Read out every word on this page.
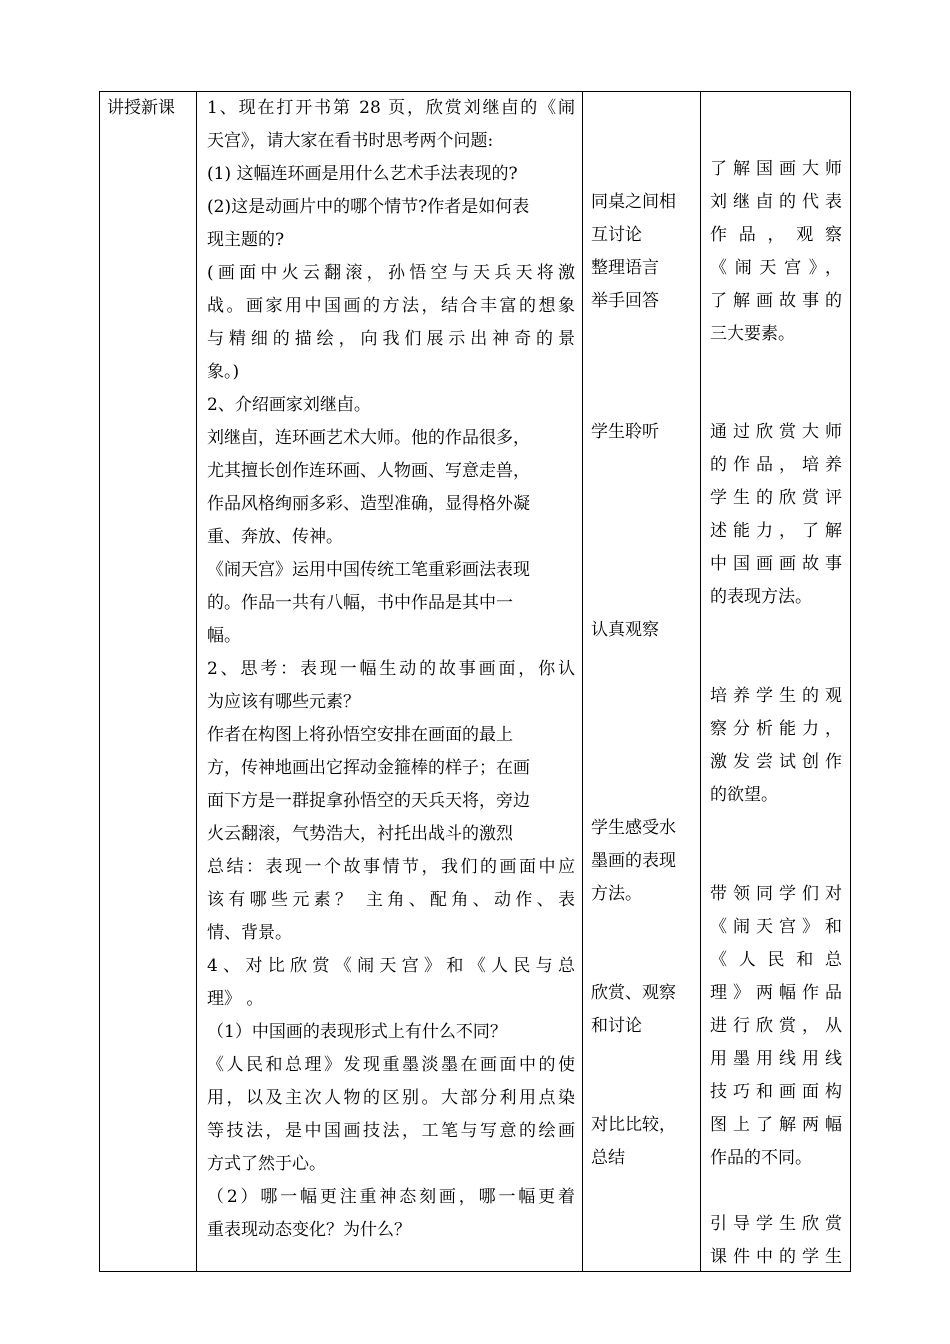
讲授新课	1、现在打开书第 28 页，欣赏刘继卣的《闹
天宫》，请大家在看书时思考两个问题:
(1) 这幅连环画是用什么艺术手法表现的?
(2)这是动画片中的哪个情节?作者是如何表
现主题的?
(画面中火云翻滚，孙悟空与天兵天将激
战。画家用中国画的方法，结合丰富的想象
与精细的描绘，向我们展示出神奇的景
象。)
2、介绍画家刘继卣。
刘继卣，连环画艺术大师。他的作品很多，
尤其擅长创作连环画、人物画、写意走兽，
作品风格绚丽多彩、造型准确，显得格外凝
重、奔放、传神。
《闹天宫》运用中国传统工笔重彩画法表现
的。作品一共有八幅，书中作品是其中一
幅。
2、思考：表现一幅生动的故事画面，你认
为应该有哪些元素？
作者在构图上将孙悟空安排在画面的最上
方，传神地画出它挥动金箍棒的样子；在画
面下方是一群捉拿孙悟空的天兵天将，旁边
火云翻滚，气势浩大，衬托出战斗的激烈
总结：表现一个故事情节，我们的画面中应
该有哪些元素？ 主角、配角、动作、表
情、背景。
4、对比欣赏《闹天宫》和《人民与总
理》 。
（1）中国画的表现形式上有什么不同？
《人民和总理》发现重墨淡墨在画面中的使
用，以及主次人物的区别。大部分利用点染
等技法，是中国画技法，工笔与写意的绘画
方式了然于心。
（2）哪一幅更注重神态刻画，哪一幅更着
重表现动态变化？为什么？
同桌之间相
互讨论
整理语言
举手回答
学生聆听
认真观察
学生感受水
墨画的表现
方法。
欣赏、观察
和讨论
对比比较，
总结
了解国画大师
刘继卣的代表
作品，观察
《闹天宫》，
了解画故事的
三大要素。
通过欣赏大师
的作品，培养
学生的欣赏评
述能力，了解
中国画画故事
的表现方法。
培养学生的观
察分析能力，
激发尝试创作
的欲望。
带领同学们对
《闹天宫》和
《人民和总
理》两幅作品
进行欣赏，从
用墨用线用线
技巧和画面构
图上了解两幅
作品的不同。
引导学生欣赏
课件中的学生
